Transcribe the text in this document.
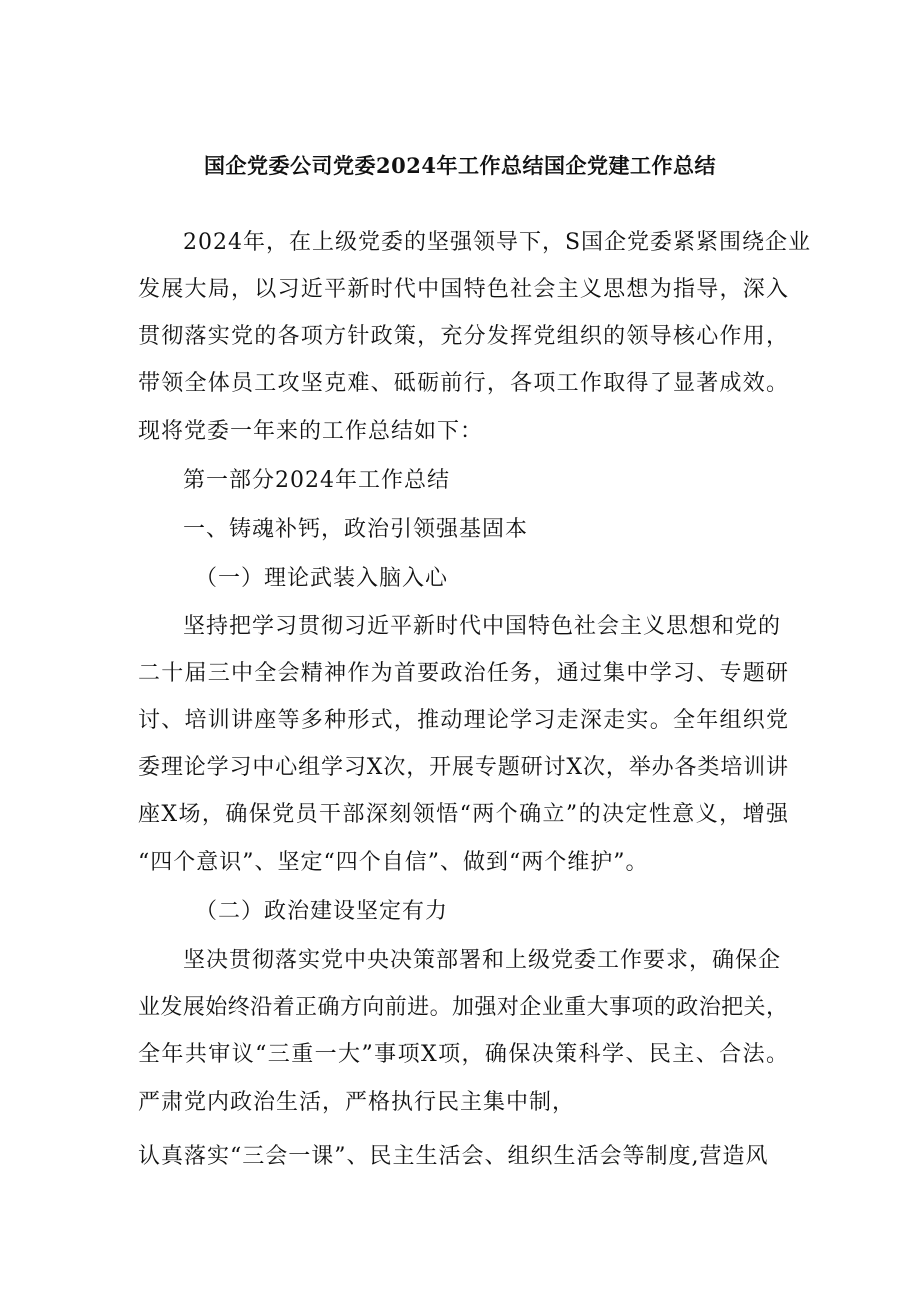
国企党委公司党委2024年工作总结国企党建工作总结
2024年，在上级党委的坚强领导下，S国企党委紧紧围绕企业
发展大局，以习近平新时代中国特色社会主义思想为指导，深入
贯彻落实党的各项方针政策，充分发挥党组织的领导核心作用，
带领全体员工攻坚克难、砥砺前行，各项工作取得了显著成效。
现将党委一年来的工作总结如下：
第一部分2024年工作总结
一、铸魂补钙，政治引领强基固本
（一）理论武装入脑入心
坚持把学习贯彻习近平新时代中国特色社会主义思想和党的
二十届三中全会精神作为首要政治任务，通过集中学习、专题研
讨、培训讲座等多种形式，推动理论学习走深走实。全年组织党
委理论学习中心组学习X次，开展专题研讨X次，举办各类培训讲
座X场，确保党员干部深刻领悟“两个确立”的决定性意义，增强
“四个意识”、坚定“四个自信”、做到“两个维护”。
（二）政治建设坚定有力
坚决贯彻落实党中央决策部署和上级党委工作要求，确保企
业发展始终沿着正确方向前进。加强对企业重大事项的政治把关，
全年共审议“三重一大”事项X项，确保决策科学、民主、合法。
严肃党内政治生活，严格执行民主集中制，
认真落实“三会一课”、民主生活会、组织生活会等制度,营造风
